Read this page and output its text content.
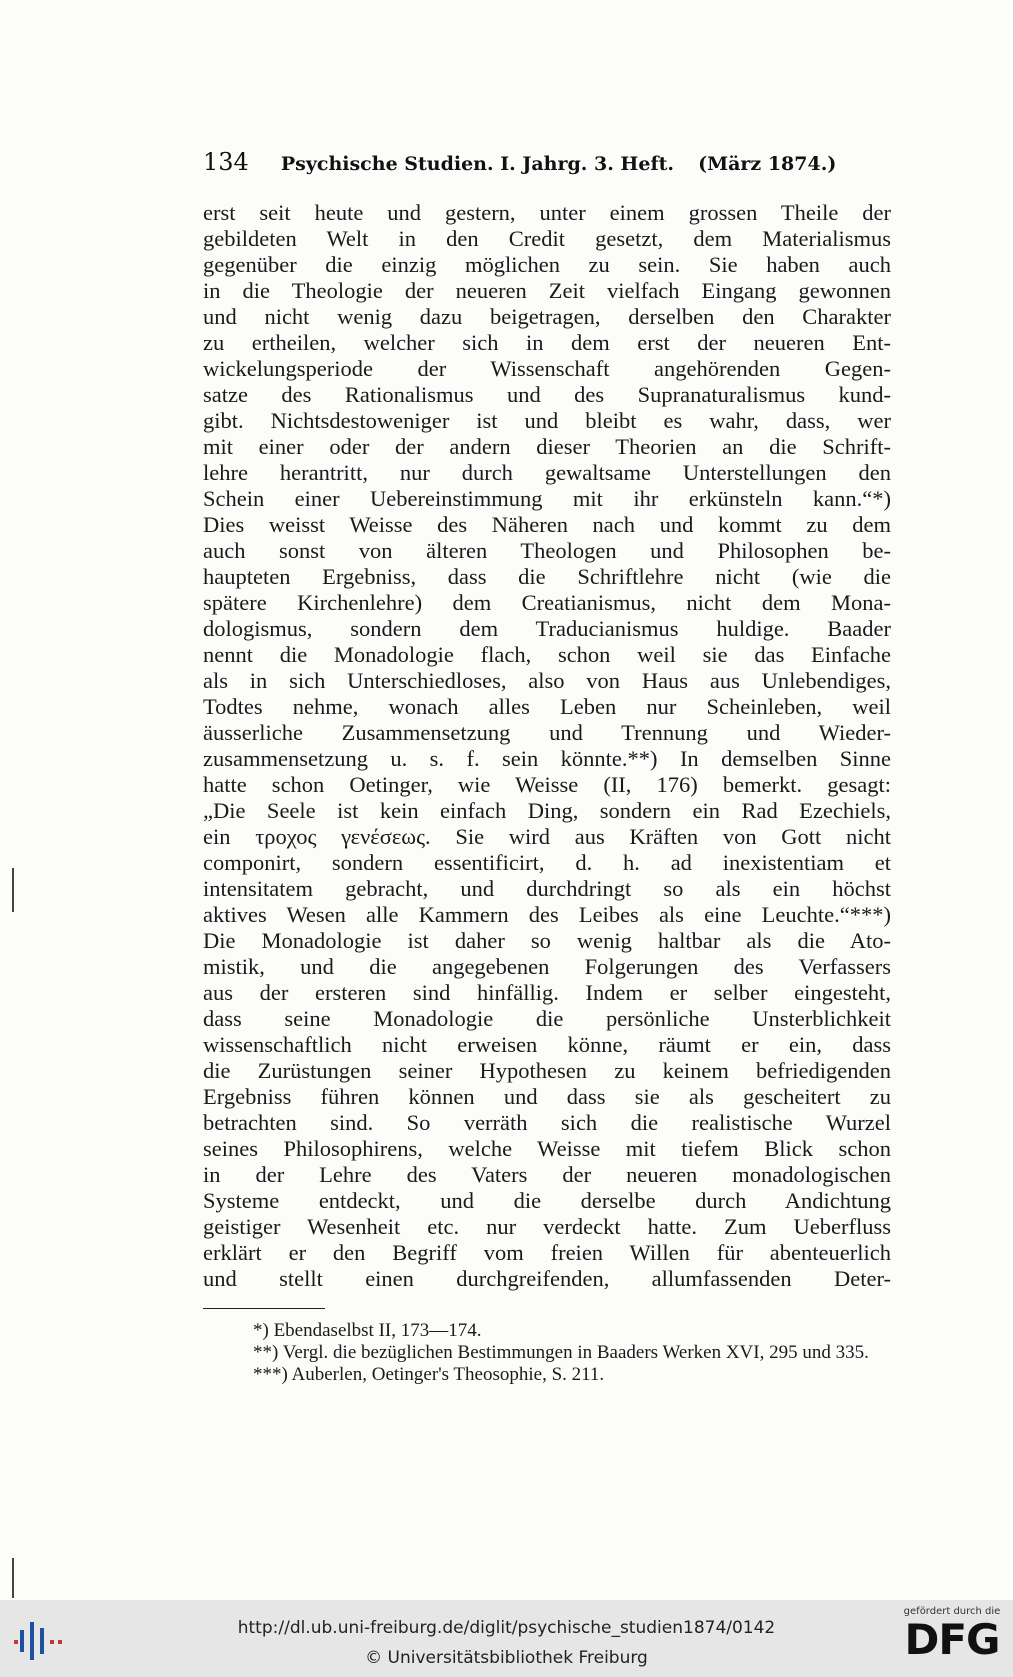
134 Psychische Studien. I. Jahrg. 3. Heft. (März 1874.)

erst seit heute und gestern, unter einem grossen Theile der

gebildeten Welt in den Credit gesetzt, dem Materialismus

gegenüber die einzig möglichen zu sein. Sie haben auch

in die Theologie der neueren Zeit vielfach Eingang gewonnen

und nicht wenig dazu beigetragen, derselben den Charakter

zu ertheilen, welcher sich in dem erst der neueren Ent-

wickelungsperiode der Wissenschaft angehörenden Gegen-

satze des Rationalismus und des Supranaturalismus kund-

gibt. Nichtsdestoweniger ist und bleibt es wahr, dass, wer

mit einer oder der andern dieser Theorien an die Schrift-

lehre herantritt, nur durch gewaltsame Unterstellungen den

Schein einer Uebereinstimmung mit ihr erkünsteln kann.“*)

Dies weisst Weisse des Näheren nach und kommt zu dem

auch sonst von älteren Theologen und Philosophen be-

haupteten Ergebniss, dass die Schriftlehre nicht (wie die

spätere Kirchenlehre) dem Creatianismus, nicht dem Mona-

dologismus, sondern dem Traducianismus huldige. Baader

nennt die Monadologie flach, schon weil sie das Einfache

als in sich Unterschiedloses, also von Haus aus Unlebendiges,

Todtes nehme, wonach alles Leben nur Scheinleben, weil

äusserliche Zusammensetzung und Trennung und Wieder-

zusammensetzung u. s. f. sein könnte.**) In demselben Sinne

hatte schon Oetinger, wie Weisse (II, 176) bemerkt. gesagt:

„Die Seele ist kein einfach Ding, sondern ein Rad Ezechiels,

ein τροχος γενέσεως. Sie wird aus Kräften von Gott nicht

componirt, sondern essentificirt, d. h. ad inexistentiam et

intensitatem gebracht, und durchdringt so als ein höchst

aktives Wesen alle Kammern des Leibes als eine Leuchte.“***)

Die Monadologie ist daher so wenig haltbar als die Ato-

mistik, und die angegebenen Folgerungen des Verfassers

aus der ersteren sind hinfällig. Indem er selber eingesteht,

dass seine Monadologie die persönliche Unsterblichkeit

wissenschaftlich nicht erweisen könne, räumt er ein, dass

die Zurüstungen seiner Hypothesen zu keinem befriedigenden

Ergebniss führen können und dass sie als gescheitert zu

betrachten sind. So verräth sich die realistische Wurzel

seines Philosophirens, welche Weisse mit tiefem Blick schon

in der Lehre des Vaters der neueren monadologischen

Systeme entdeckt, und die derselbe durch Andichtung

geistiger Wesenheit etc. nur verdeckt hatte. Zum Ueberfluss

erklärt er den Begriff vom freien Willen für abenteuerlich

und stellt einen durchgreifenden, allumfassenden Deter-

*) Ebendaselbst II, 173—174.

**) Vergl. die bezüglichen Bestimmungen in Baaders Werken XVI, 295 und 335.

***) Auberlen, Oetinger's Theosophie, S. 211.

http://dl.ub.uni-freiburg.de/diglit/psychische_studien1874/0142
© Universitätsbibliothek Freiburg
gefördert durch die
DFG
